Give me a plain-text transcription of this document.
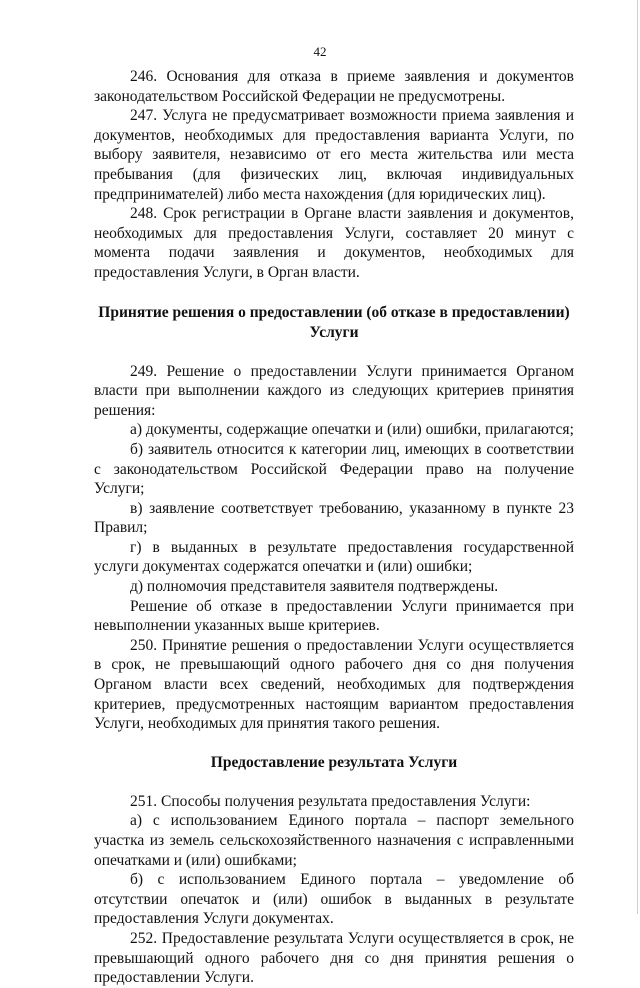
42

246. Основания для отказа в приеме заявления и документов законодательством Российской Федерации не предусмотрены.

247. Услуга не предусматривает возможности приема заявления и документов, необходимых для предоставления варианта Услуги, по выбору заявителя, независимо от его места жительства или места пребывания (для физических лиц, включая индивидуальных предпринимателей) либо места нахождения (для юридических лиц).

248. Срок регистрации в Органе власти заявления и документов, необходимых для предоставления Услуги, составляет 20 минут с момента подачи заявления и документов, необходимых для предоставления Услуги, в Орган власти.

Принятие решения о предоставлении (об отказе в предоставлении) Услуги

249. Решение о предоставлении Услуги принимается Органом власти при выполнении каждого из следующих критериев принятия решения:

а) документы, содержащие опечатки и (или) ошибки, прилагаются;

б) заявитель относится к категории лиц, имеющих в соответствии с законодательством Российской Федерации право на получение Услуги;

в) заявление соответствует требованию, указанному в пункте 23 Правил;

г) в выданных в результате предоставления государственной услуги документах содержатся опечатки и (или) ошибки;

д) полномочия представителя заявителя подтверждены.

Решение об отказе в предоставлении Услуги принимается при невыполнении указанных выше критериев.

250. Принятие решения о предоставлении Услуги осуществляется в срок, не превышающий одного рабочего дня со дня получения Органом власти всех сведений, необходимых для подтверждения критериев, предусмотренных настоящим вариантом предоставления Услуги, необходимых для принятия такого решения.

Предоставление результата Услуги

251. Способы получения результата предоставления Услуги:

а) с использованием Единого портала – паспорт земельного участка из земель сельскохозяйственного назначения с исправленными опечатками и (или) ошибками;

б) с использованием Единого портала – уведомление об отсутствии опечаток и (или) ошибок в выданных в результате предоставления Услуги документах.

252. Предоставление результата Услуги осуществляется в срок, не превышающий одного рабочего дня со дня принятия решения о предоставлении Услуги.
